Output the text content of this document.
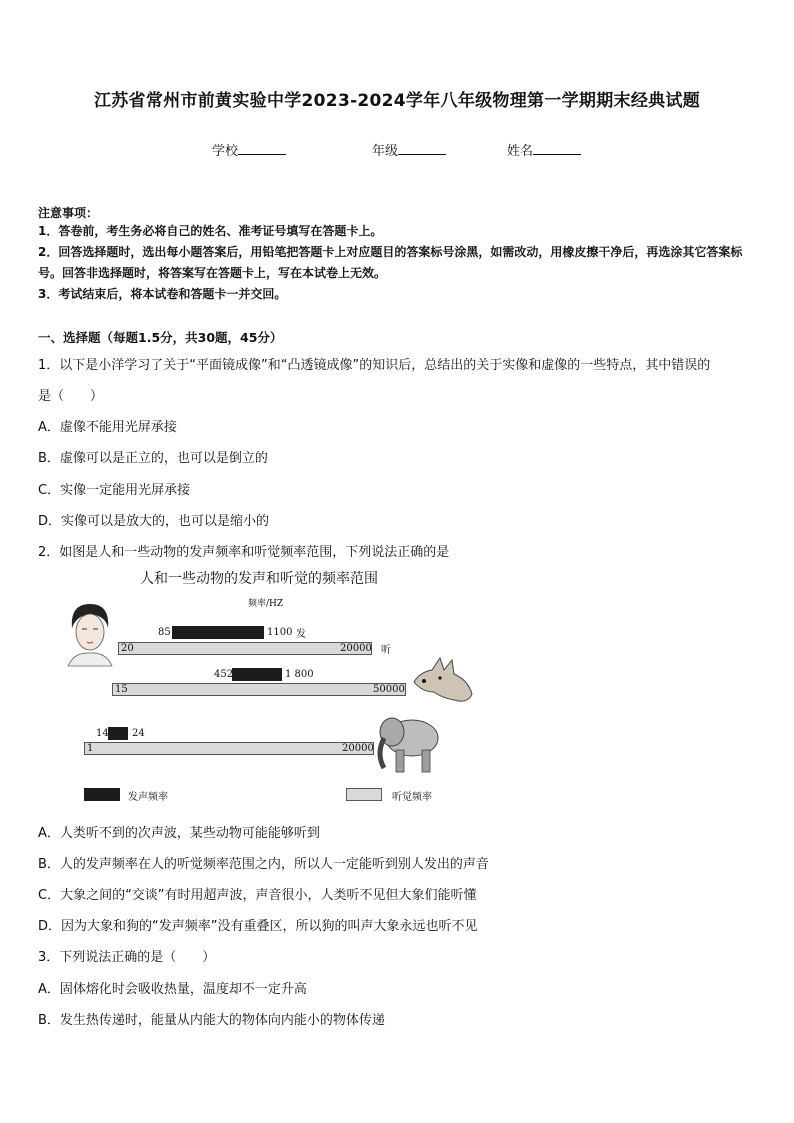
江苏省常州市前黄实验中学2023-2024学年八年级物理第一学期期末经典试题
学校	年级	姓名
注意事项：
1．答卷前，考生务必将自己的姓名、准考证号填写在答题卡上。
2．回答选择题时，选出每小题答案后，用铅笔把答题卡上对应题目的答案标号涂黑，如需改动，用橡皮擦干净后，再选涂其它答案标号。回答非选择题时，将答案写在答题卡上，写在本试卷上无效。
3．考试结束后，将本试卷和答题卡一并交回。
一、选择题（每题1.5分，共30题，45分）
1．以下是小洋学习了关于“平面镜成像”和“凸透镜成像”的知识后，总结出的关于实像和虚像的一些特点，其中错误的
是（　　）
A．虚像不能用光屏承接
B．虚像可以是正立的，也可以是倒立的
C．实像一定能用光屏承接
D．实像可以是放大的，也可以是缩小的
2．如图是人和一些动物的发声频率和听觉频率范围，下列说法正确的是
人和一些动物的发声和听觉的频率范围
频率/HZ
85	1100 发
20	20000 听
452	1 800
15	50000
14 24
1	20000
发声频率	听觉频率
A．人类听不到的次声波，某些动物可能能够听到
B．人的发声频率在人的听觉频率范围之内，所以人一定能听到别人发出的声音
C．大象之间的“交谈”有时用超声波，声音很小，人类听不见但大象们能听懂
D．因为大象和狗的“发声频率”没有重叠区，所以狗的叫声大象永远也听不见
3．下列说法正确的是（　　）
A．固体熔化时会吸收热量，温度却不一定升高
B．发生热传递时，能量从内能大的物体向内能小的物体传递
